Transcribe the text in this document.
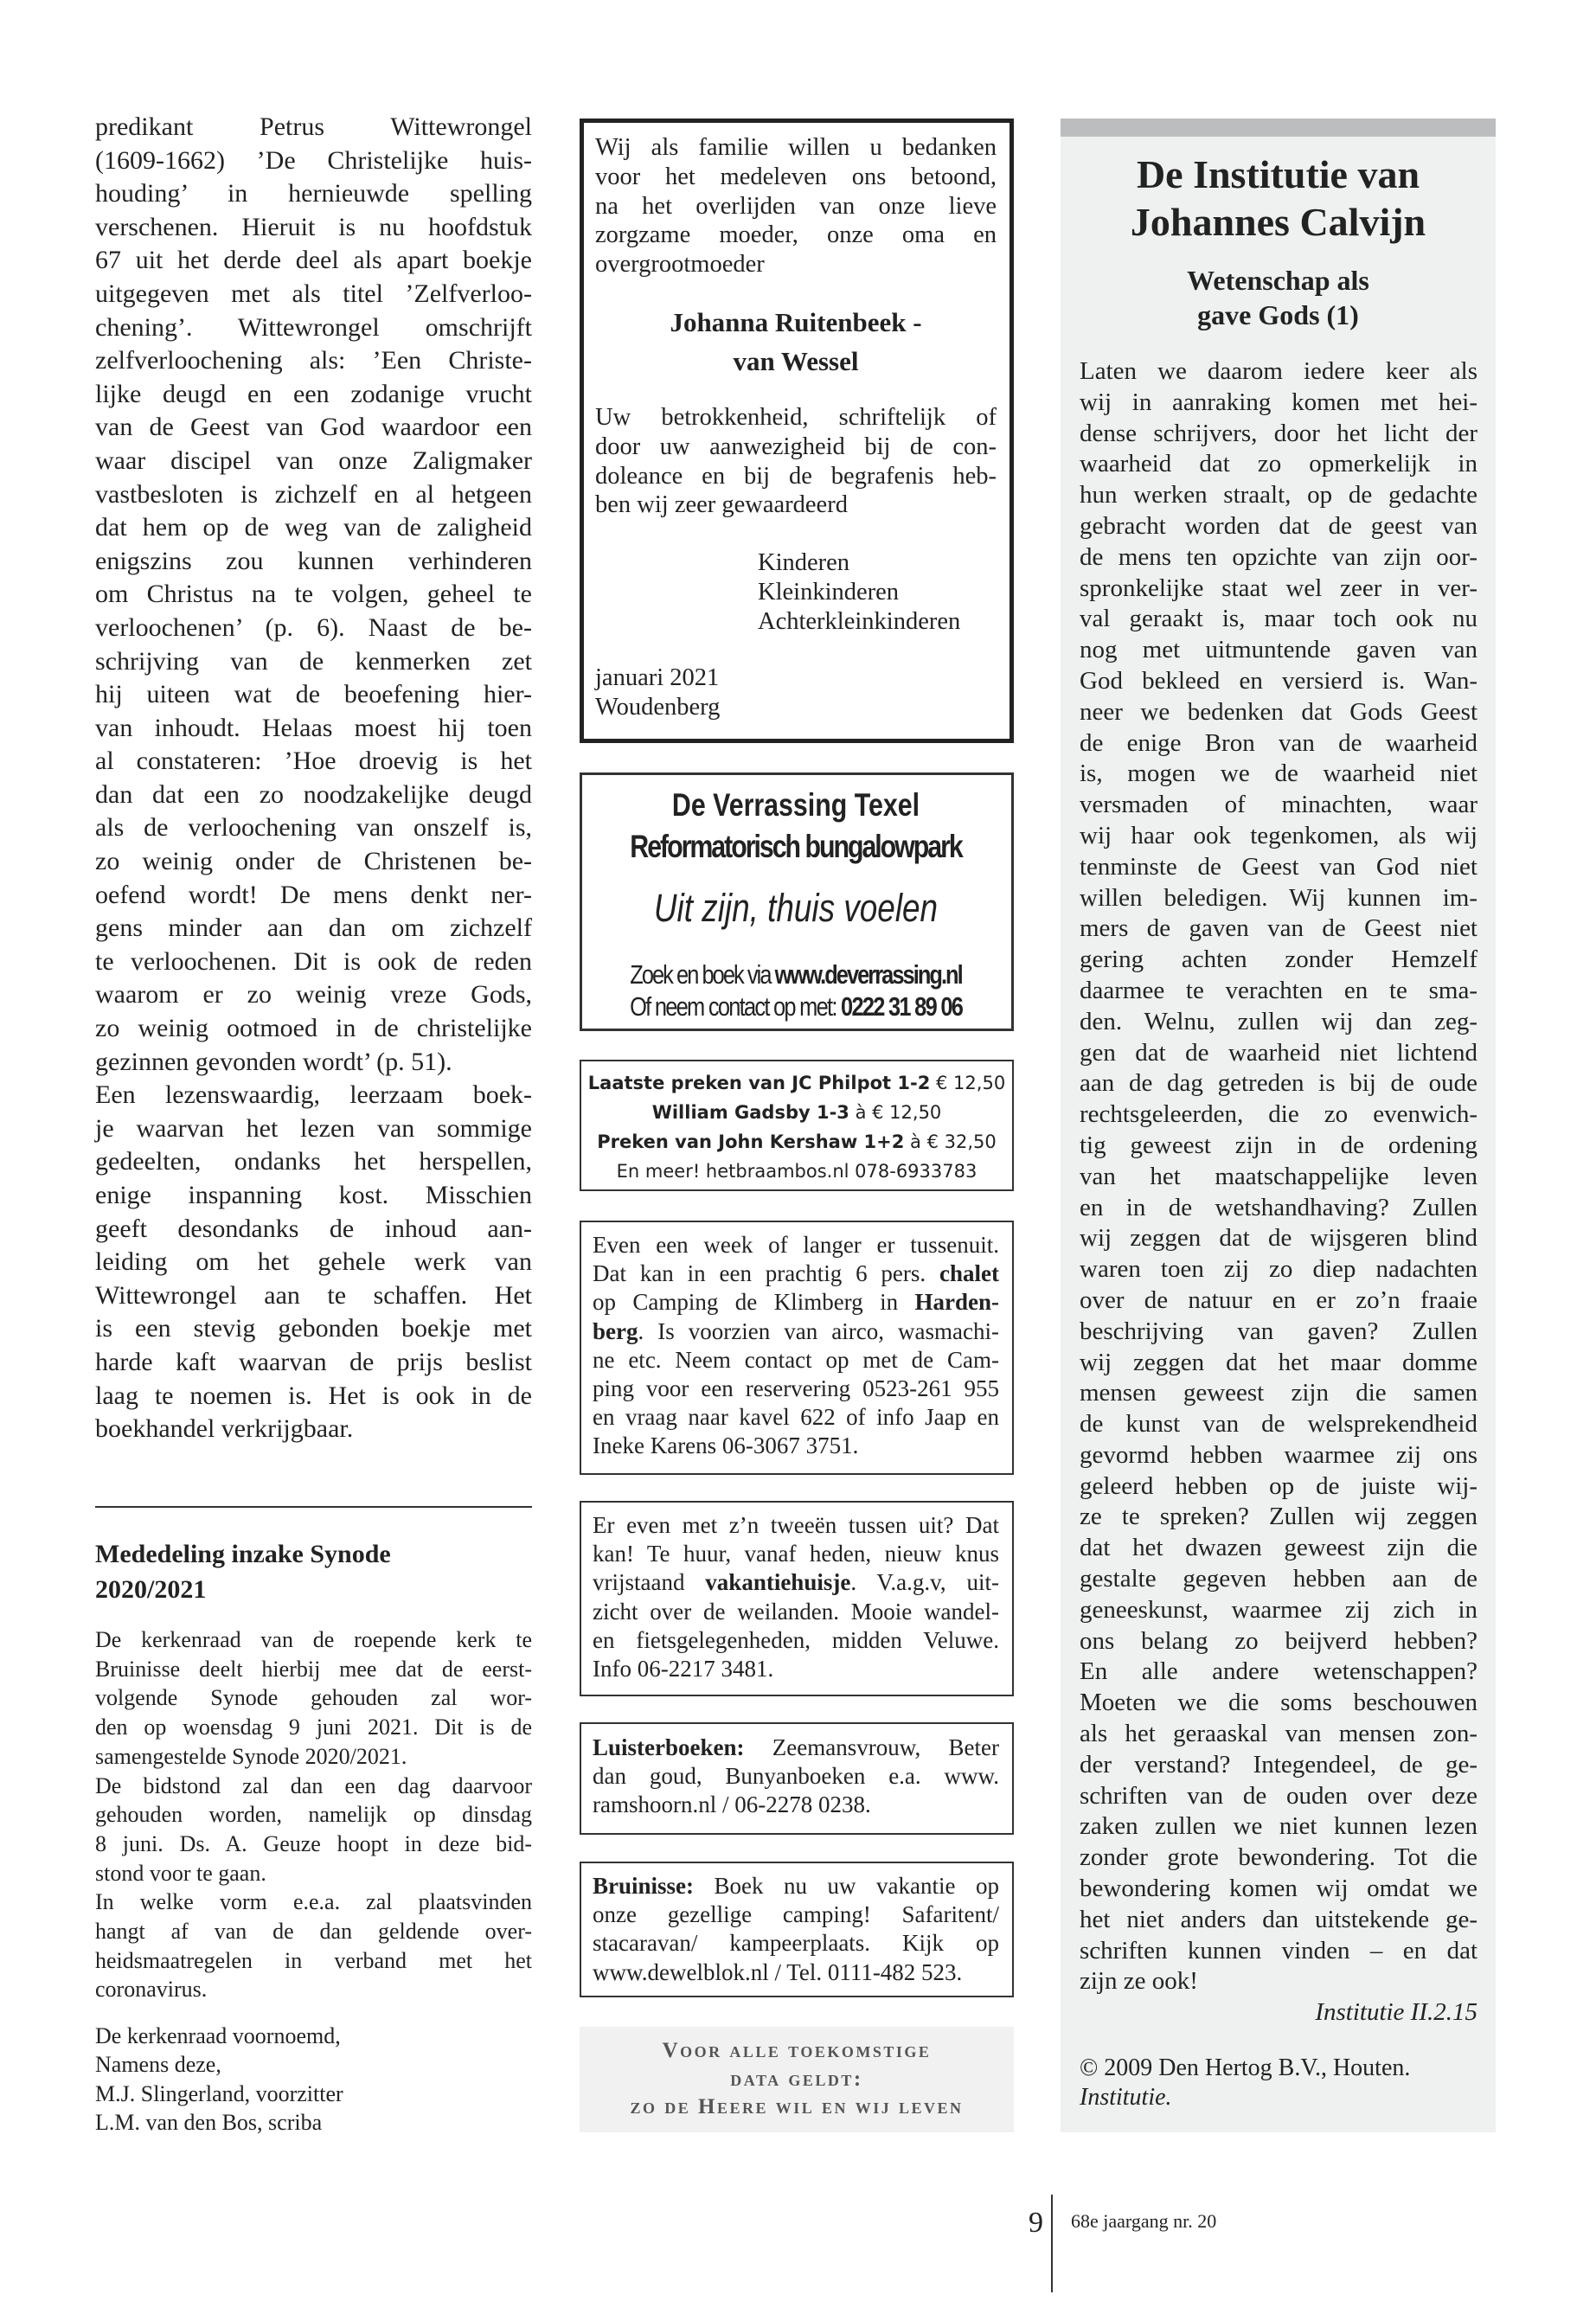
predikant Petrus Wittewrongel
(1609-1662) ’De Christelijke huis-
houding’ in hernieuwde spelling
verschenen. Hieruit is nu hoofdstuk
67 uit het derde deel als apart boekje
uitgegeven met als titel ’Zelfverloo-
chening’. Wittewrongel omschrijft
zelfverloochening als: ’Een Christe-
lijke deugd en een zodanige vrucht
van de Geest van God waardoor een
waar discipel van onze Zaligmaker
vastbesloten is zichzelf en al hetgeen
dat hem op de weg van de zaligheid
enigszins zou kunnen verhinderen
om Christus na te volgen, geheel te
verloochenen’ (p. 6). Naast de be-
schrijving van de kenmerken zet
hij uiteen wat de beoefening hier-
van inhoudt. Helaas moest hij toen
al constateren: ’Hoe droevig is het
dan dat een zo noodzakelijke deugd
als de verloochening van onszelf is,
zo weinig onder de Christenen be-
oefend wordt! De mens denkt ner-
gens minder aan dan om zichzelf
te verloochenen. Dit is ook de reden
waarom er zo weinig vreze Gods,
zo weinig ootmoed in de christelijke
gezinnen gevonden wordt’ (p. 51).
Een lezenswaardig, leerzaam boek-
je waarvan het lezen van sommige
gedeelten, ondanks het herspellen,
enige inspanning kost. Misschien
geeft desondanks de inhoud aan-
leiding om het gehele werk van
Wittewrongel aan te schaffen. Het
is een stevig gebonden boekje met
harde kaft waarvan de prijs beslist
laag te noemen is. Het is ook in de
boekhandel verkrijgbaar.
Mededeling inzake Synode
2020/2021
De kerkenraad van de roepende kerk te
Bruinisse deelt hierbij mee dat de eerst-
volgende Synode gehouden zal wor-
den op woensdag 9 juni 2021. Dit is de
samengestelde Synode 2020/2021.
De bidstond zal dan een dag daarvoor
gehouden worden, namelijk op dinsdag
8 juni. Ds. A. Geuze hoopt in deze bid-
stond voor te gaan.
In welke vorm e.e.a. zal plaatsvinden
hangt af van de dan geldende over-
heidsmaatregelen in verband met het
coronavirus.
De kerkenraad voornoemd,
Namens deze,
M.J. Slingerland, voorzitter
L.M. van den Bos, scriba
Wij als familie willen u bedanken
voor het medeleven ons betoond,
na het overlijden van onze lieve
zorgzame moeder, onze oma en
overgrootmoeder
Johanna Ruitenbeek -
van Wessel
Uw betrokkenheid, schriftelijk of
door uw aanwezigheid bij de con-
doleance en bij de begrafenis heb-
ben wij zeer gewaardeerd
Kinderen
Kleinkinderen
Achterkleinkinderen
januari 2021
Woudenberg
De Verrassing Texel
Reformatorisch bungalowpark
Uit zijn, thuis voelen
Zoek en boek via www.deverrassing.nl
Of neem contact op met: 0222 31 89 06
Laatste preken van JC Philpot 1-2 € 12,50
William Gadsby 1-3 à € 12,50
Preken van John Kershaw 1+2 à € 32,50
En meer! hetbraambos.nl 078-6933783
Even een week of langer er tussenuit.
Dat kan in een prachtig 6 pers. chalet
op Camping de Klimberg in Harden-
berg. Is voorzien van airco, wasmachi-
ne etc. Neem contact op met de Cam-
ping voor een reservering 0523-261 955
en vraag naar kavel 622 of info Jaap en
Ineke Karens 06-3067 3751.
Er even met z’n tweeën tussen uit? Dat
kan! Te huur, vanaf heden, nieuw knus
vrijstaand vakantiehuisje. V.a.g.v, uit-
zicht over de weilanden. Mooie wandel-
en fietsgelegenheden, midden Veluwe.
Info 06-2217 3481.
Luisterboeken: Zeemansvrouw, Beter
dan goud, Bunyanboeken e.a. www.
ramshoorn.nl / 06-2278 0238.
Bruinisse: Boek nu uw vakantie op
onze gezellige camping! Safaritent/
stacaravan/ kampeerplaats. Kijk op
www.dewelblok.nl / Tel. 0111-482 523.
Voor alle toekomstige
data geldt:
zo de Heere wil en wij leven
De Institutie van
Johannes Calvijn
Wetenschap als
gave Gods (1)
Laten we daarom iedere keer als
wij in aanraking komen met hei-
dense schrijvers, door het licht der
waarheid dat zo opmerkelijk in
hun werken straalt, op de gedachte
gebracht worden dat de geest van
de mens ten opzichte van zijn oor-
spronkelijke staat wel zeer in ver-
val geraakt is, maar toch ook nu
nog met uitmuntende gaven van
God bekleed en versierd is. Wan-
neer we bedenken dat Gods Geest
de enige Bron van de waarheid
is, mogen we de waarheid niet
versmaden of minachten, waar
wij haar ook tegenkomen, als wij
tenminste de Geest van God niet
willen beledigen. Wij kunnen im-
mers de gaven van de Geest niet
gering achten zonder Hemzelf
daarmee te verachten en te sma-
den. Welnu, zullen wij dan zeg-
gen dat de waarheid niet lichtend
aan de dag getreden is bij de oude
rechtsgeleerden, die zo evenwich-
tig geweest zijn in de ordening
van het maatschappelijke leven
en in de wetshandhaving? Zullen
wij zeggen dat de wijsgeren blind
waren toen zij zo diep nadachten
over de natuur en er zo’n fraaie
beschrijving van gaven? Zullen
wij zeggen dat het maar domme
mensen geweest zijn die samen
de kunst van de welsprekendheid
gevormd hebben waarmee zij ons
geleerd hebben op de juiste wij-
ze te spreken? Zullen wij zeggen
dat het dwazen geweest zijn die
gestalte gegeven hebben aan de
geneeskunst, waarmee zij zich in
ons belang zo beijverd hebben?
En alle andere wetenschappen?
Moeten we die soms beschouwen
als het geraaskal van mensen zon-
der verstand? Integendeel, de ge-
schriften van de ouden over deze
zaken zullen we niet kunnen lezen
zonder grote bewondering. Tot die
bewondering komen wij omdat we
het niet anders dan uitstekende ge-
schriften kunnen vinden – en dat
zijn ze ook!
Institutie II.2.15
© 2009 Den Hertog B.V., Houten.
Institutie.
9 68e jaargang nr. 20
